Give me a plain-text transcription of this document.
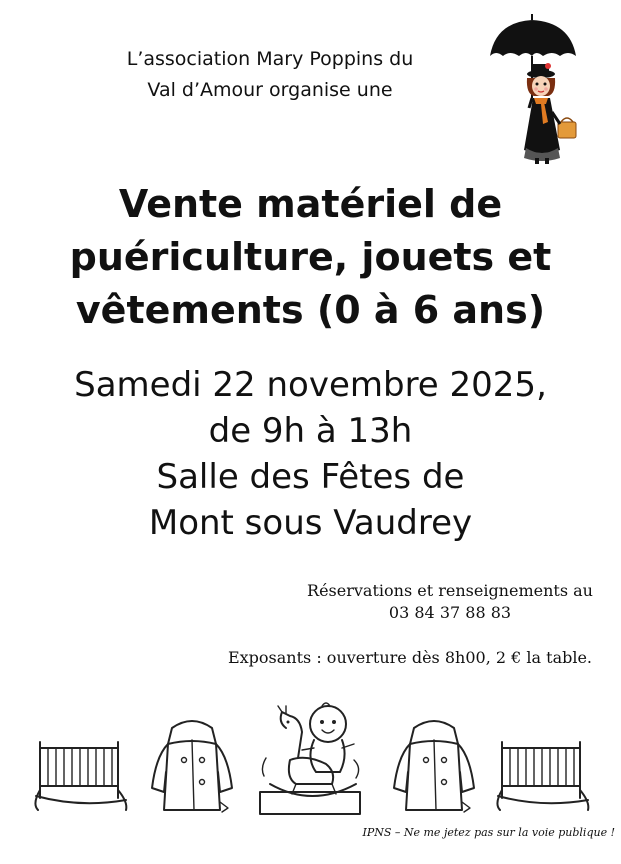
L’association Mary Poppins du
Val d’Amour organise une
Vente matériel de
puériculture, jouets et
vêtements (0 à 6 ans)
Samedi 22 novembre 2025,
de 9h à 13h
Salle des Fêtes de
Mont sous Vaudrey
Réservations et renseignements au
03 84 37 88 83
Exposants : ouverture dès 8h00, 2 € la table.
IPNS – Ne me jetez pas sur la voie publique !
